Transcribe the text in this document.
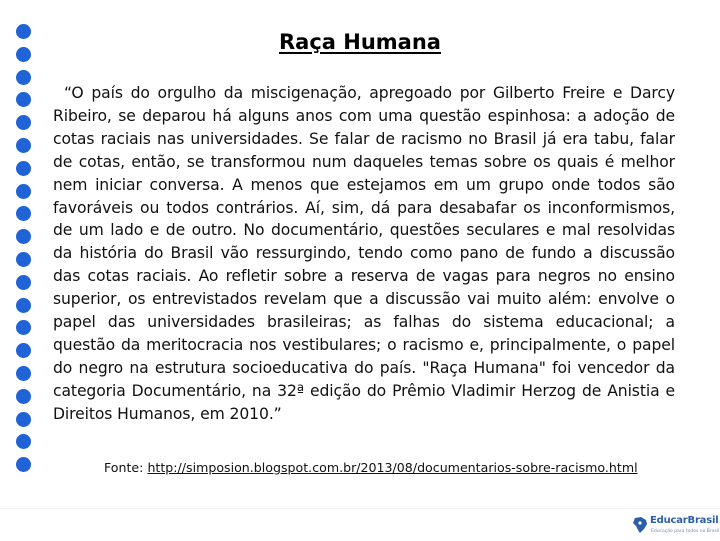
Raça Humana
“O país do orgulho da miscigenação, apregoado por Gilberto Freire e Darcy Ribeiro, se deparou há alguns anos com uma questão espinhosa: a adoção de cotas raciais nas universidades. Se falar de racismo no Brasil já era tabu, falar de cotas, então, se transformou num daqueles temas sobre os quais é melhor nem iniciar conversa. A menos que estejamos em um grupo onde todos são favoráveis ou todos contrários. Aí, sim, dá para desabafar os inconformismos, de um lado e de outro. No documentário, questões seculares e mal resolvidas da história do Brasil vão ressurgindo, tendo como pano de fundo a discussão das cotas raciais. Ao refletir sobre a reserva de vagas para negros no ensino superior, os entrevistados revelam que a discussão vai muito além: envolve o papel das universidades brasileiras; as falhas do sistema educacional; a questão da meritocracia nos vestibulares; o racismo e, principalmente, o papel do negro na estrutura socioeducativa do país. "Raça Humana" foi vencedor da categoria Documentário, na 32ª edição do Prêmio Vladimir Herzog de Anistia e Direitos Humanos, em 2010.”
Fonte: http://simposion.blogspot.com.br/2013/08/documentarios-sobre-racismo.html
EducarBrasil
Educação para todos no Brasil
